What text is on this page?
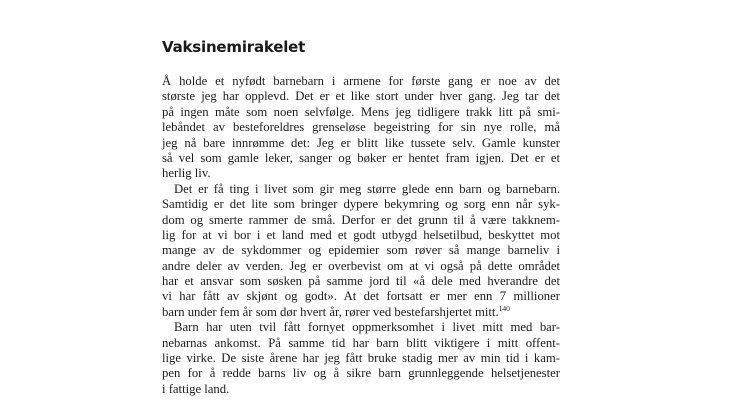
Vaksinemirakelet
Å holde et nyfødt barnebarn i armene for første gang er noe av det
største jeg har opplevd. Det er et like stort under hver gang. Jeg tar det
på ingen måte som noen selvfølge. Mens jeg tidligere trakk litt på smi-
lebåndet av besteforeldres grenseløse begeistring for sin nye rolle, må
jeg nå bare innrømme det: Jeg er blitt like tussete selv. Gamle kunster
så vel som gamle leker, sanger og bøker er hentet fram igjen. Det er et
herlig liv.
Det er få ting i livet som gir meg større glede enn barn og barnebarn.
Samtidig er det lite som bringer dypere bekymring og sorg enn når syk-
dom og smerte rammer de små. Derfor er det grunn til å være takknem-
lig for at vi bor i et land med et godt utbygd helsetilbud, beskyttet mot
mange av de sykdommer og epidemier som røver så mange barneliv i
andre deler av verden. Jeg er overbevist om at vi også på dette området
har et ansvar som søsken på samme jord til «å dele med hverandre det
vi har fått av skjønt og godt». At det fortsatt er mer enn 7 millioner
barn under fem år som dør hvert år, rører ved bestefarshjertet mitt.$^{140}$
Barn har uten tvil fått fornyet oppmerksomhet i livet mitt med bar-
nebarnas ankomst. På samme tid har barn blitt viktigere i mitt offent-
lige virke. De siste årene har jeg fått bruke stadig mer av min tid i kam-
pen for å redde barns liv og å sikre barn grunnleggende helsetjenester
i fattige land.
